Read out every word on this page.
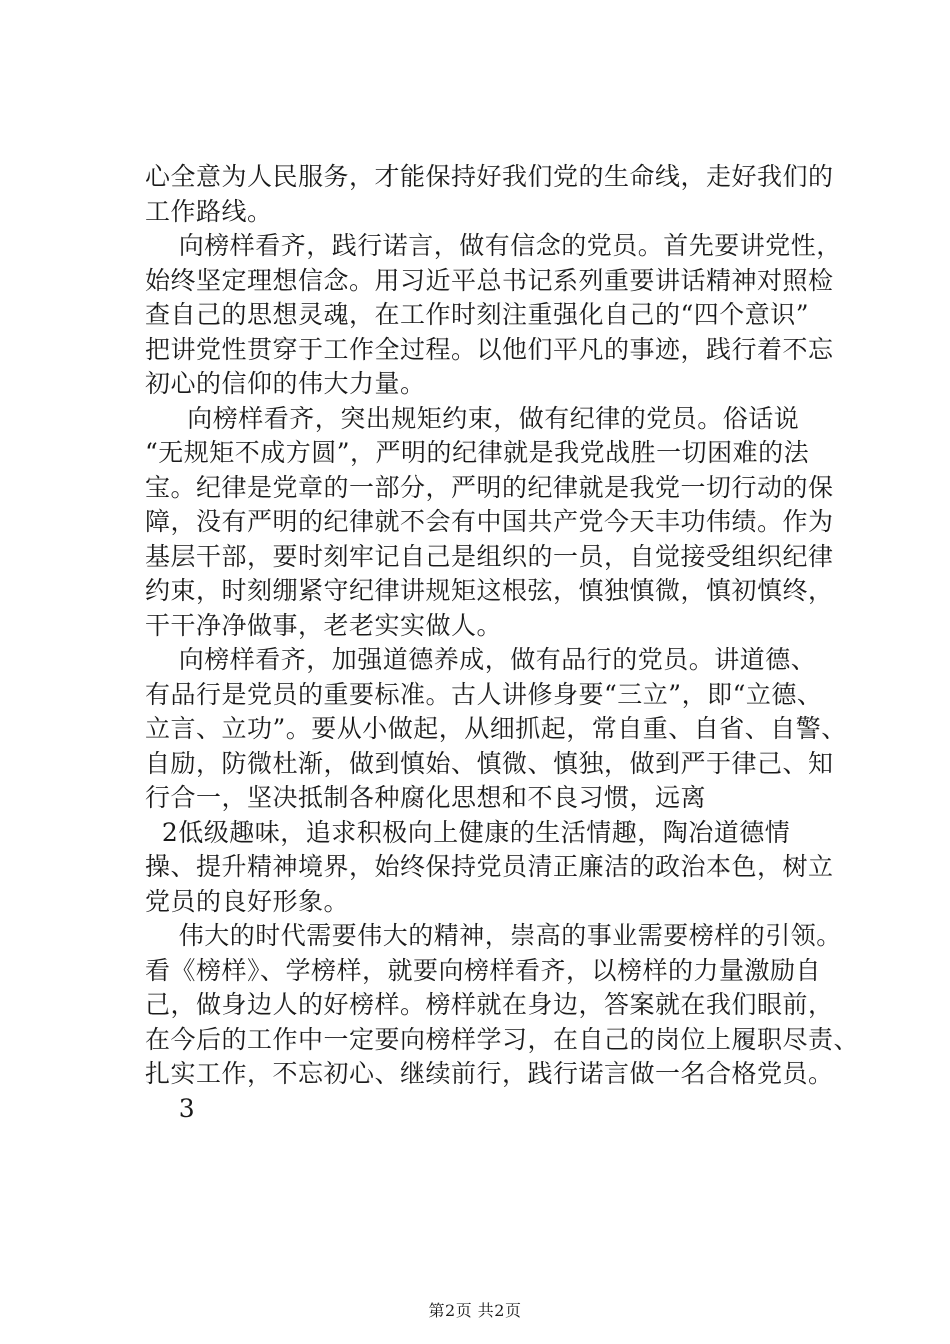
心全意为人民服务，才能保持好我们党的生命线，走好我们的
工作路线。
向榜样看齐，践行诺言，做有信念的党员。首先要讲党性，
始终坚定理想信念。用习近平总书记系列重要讲话精神对照检
查自己的思想灵魂，在工作时刻注重强化自己的“四个意识”
把讲党性贯穿于工作全过程。以他们平凡的事迹，践行着不忘
初心的信仰的伟大力量。
向榜样看齐，突出规矩约束，做有纪律的党员。俗话说
“无规矩不成方圆”，严明的纪律就是我党战胜一切困难的法
宝。纪律是党章的一部分，严明的纪律就是我党一切行动的保
障，没有严明的纪律就不会有中国共产党今天丰功伟绩。作为
基层干部，要时刻牢记自己是组织的一员，自觉接受组织纪律
约束，时刻绷紧守纪律讲规矩这根弦，慎独慎微，慎初慎终，
干干净净做事，老老实实做人。
向榜样看齐，加强道德养成，做有品行的党员。讲道德、
有品行是党员的重要标准。古人讲修身要“三立”，即“立德、
立言、立功”。要从小做起，从细抓起，常自重、自省、自警、
自励，防微杜渐，做到慎始、慎微、慎独，做到严于律己、知
行合一，坚决抵制各种腐化思想和不良习惯，远离
2低级趣味，追求积极向上健康的生活情趣，陶冶道德情
操、提升精神境界，始终保持党员清正廉洁的政治本色，树立
党员的良好形象。
伟大的时代需要伟大的精神，崇高的事业需要榜样的引领。
看《榜样》、学榜样，就要向榜样看齐，以榜样的力量激励自
己，做身边人的好榜样。榜样就在身边，答案就在我们眼前，
在今后的工作中一定要向榜样学习，在自己的岗位上履职尽责、
扎实工作，不忘初心、继续前行，践行诺言做一名合格党员。
3
第2页 共2页
